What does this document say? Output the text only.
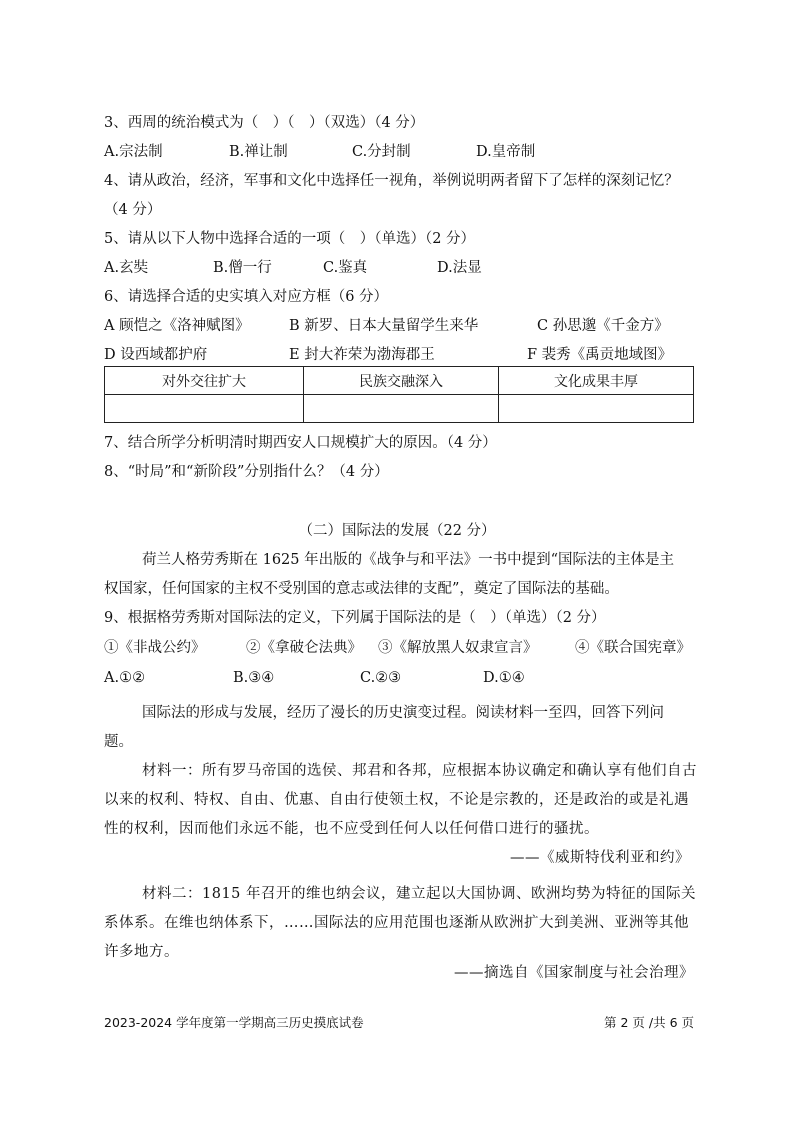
3、西周的统治模式为（　）（　）（双选）（4 分）
A.宗法制	B.禅让制	C.分封制	D.皇帝制
4、请从政治，经济，军事和文化中选择任一视角，举例说明两者留下了怎样的深刻记忆？
（4 分）
5、请从以下人物中选择合适的一项（　）（单选）（2 分）
A.玄奘	B.僧一行	C.鉴真	D.法显
6、请选择合适的史实填入对应方框（6 分）
A 顾恺之《洛神赋图》	B 新罗、日本大量留学生来华	C 孙思邈《千金方》
D 设西域都护府	E 封大祚荣为渤海郡王	F 裴秀《禹贡地域图》
对外交往扩大	民族交融深入	文化成果丰厚

7、结合所学分析明清时期西安人口规模扩大的原因。（4 分）
8、“时局”和“新阶段”分别指什么？（4 分）
（二）国际法的发展（22 分）
荷兰人格劳秀斯在 1625 年出版的《战争与和平法》一书中提到“国际法的主体是主
权国家，任何国家的主权不受别国的意志或法律的支配”，奠定了国际法的基础。
9、根据格劳秀斯对国际法的定义，下列属于国际法的是（　）（单选）（2 分）
①《非战公约》	②《拿破仑法典》 ③《解放黑人奴隶宣言》	④《联合国宪章》
A.①②	B.③④	C.②③	D.①④
国际法的形成与发展，经历了漫长的历史演变过程。阅读材料一至四，回答下列问
题。
材料一：所有罗马帝国的选侯、邦君和各邦，应根据本协议确定和确认享有他们自古
以来的权利、特权、自由、优惠、自由行使领土权，不论是宗教的，还是政治的或是礼遇
性的权利，因而他们永远不能，也不应受到任何人以任何借口进行的骚扰。
——《威斯特伐利亚和约》
材料二：1815 年召开的维也纳会议，建立起以大国协调、欧洲均势为特征的国际关
系体系。在维也纳体系下，……国际法的应用范围也逐渐从欧洲扩大到美洲、亚洲等其他
许多地方。
——摘选自《国家制度与社会治理》
2023-2024 学年度第一学期高三历史摸底试卷	第 2 页 /共 6 页
